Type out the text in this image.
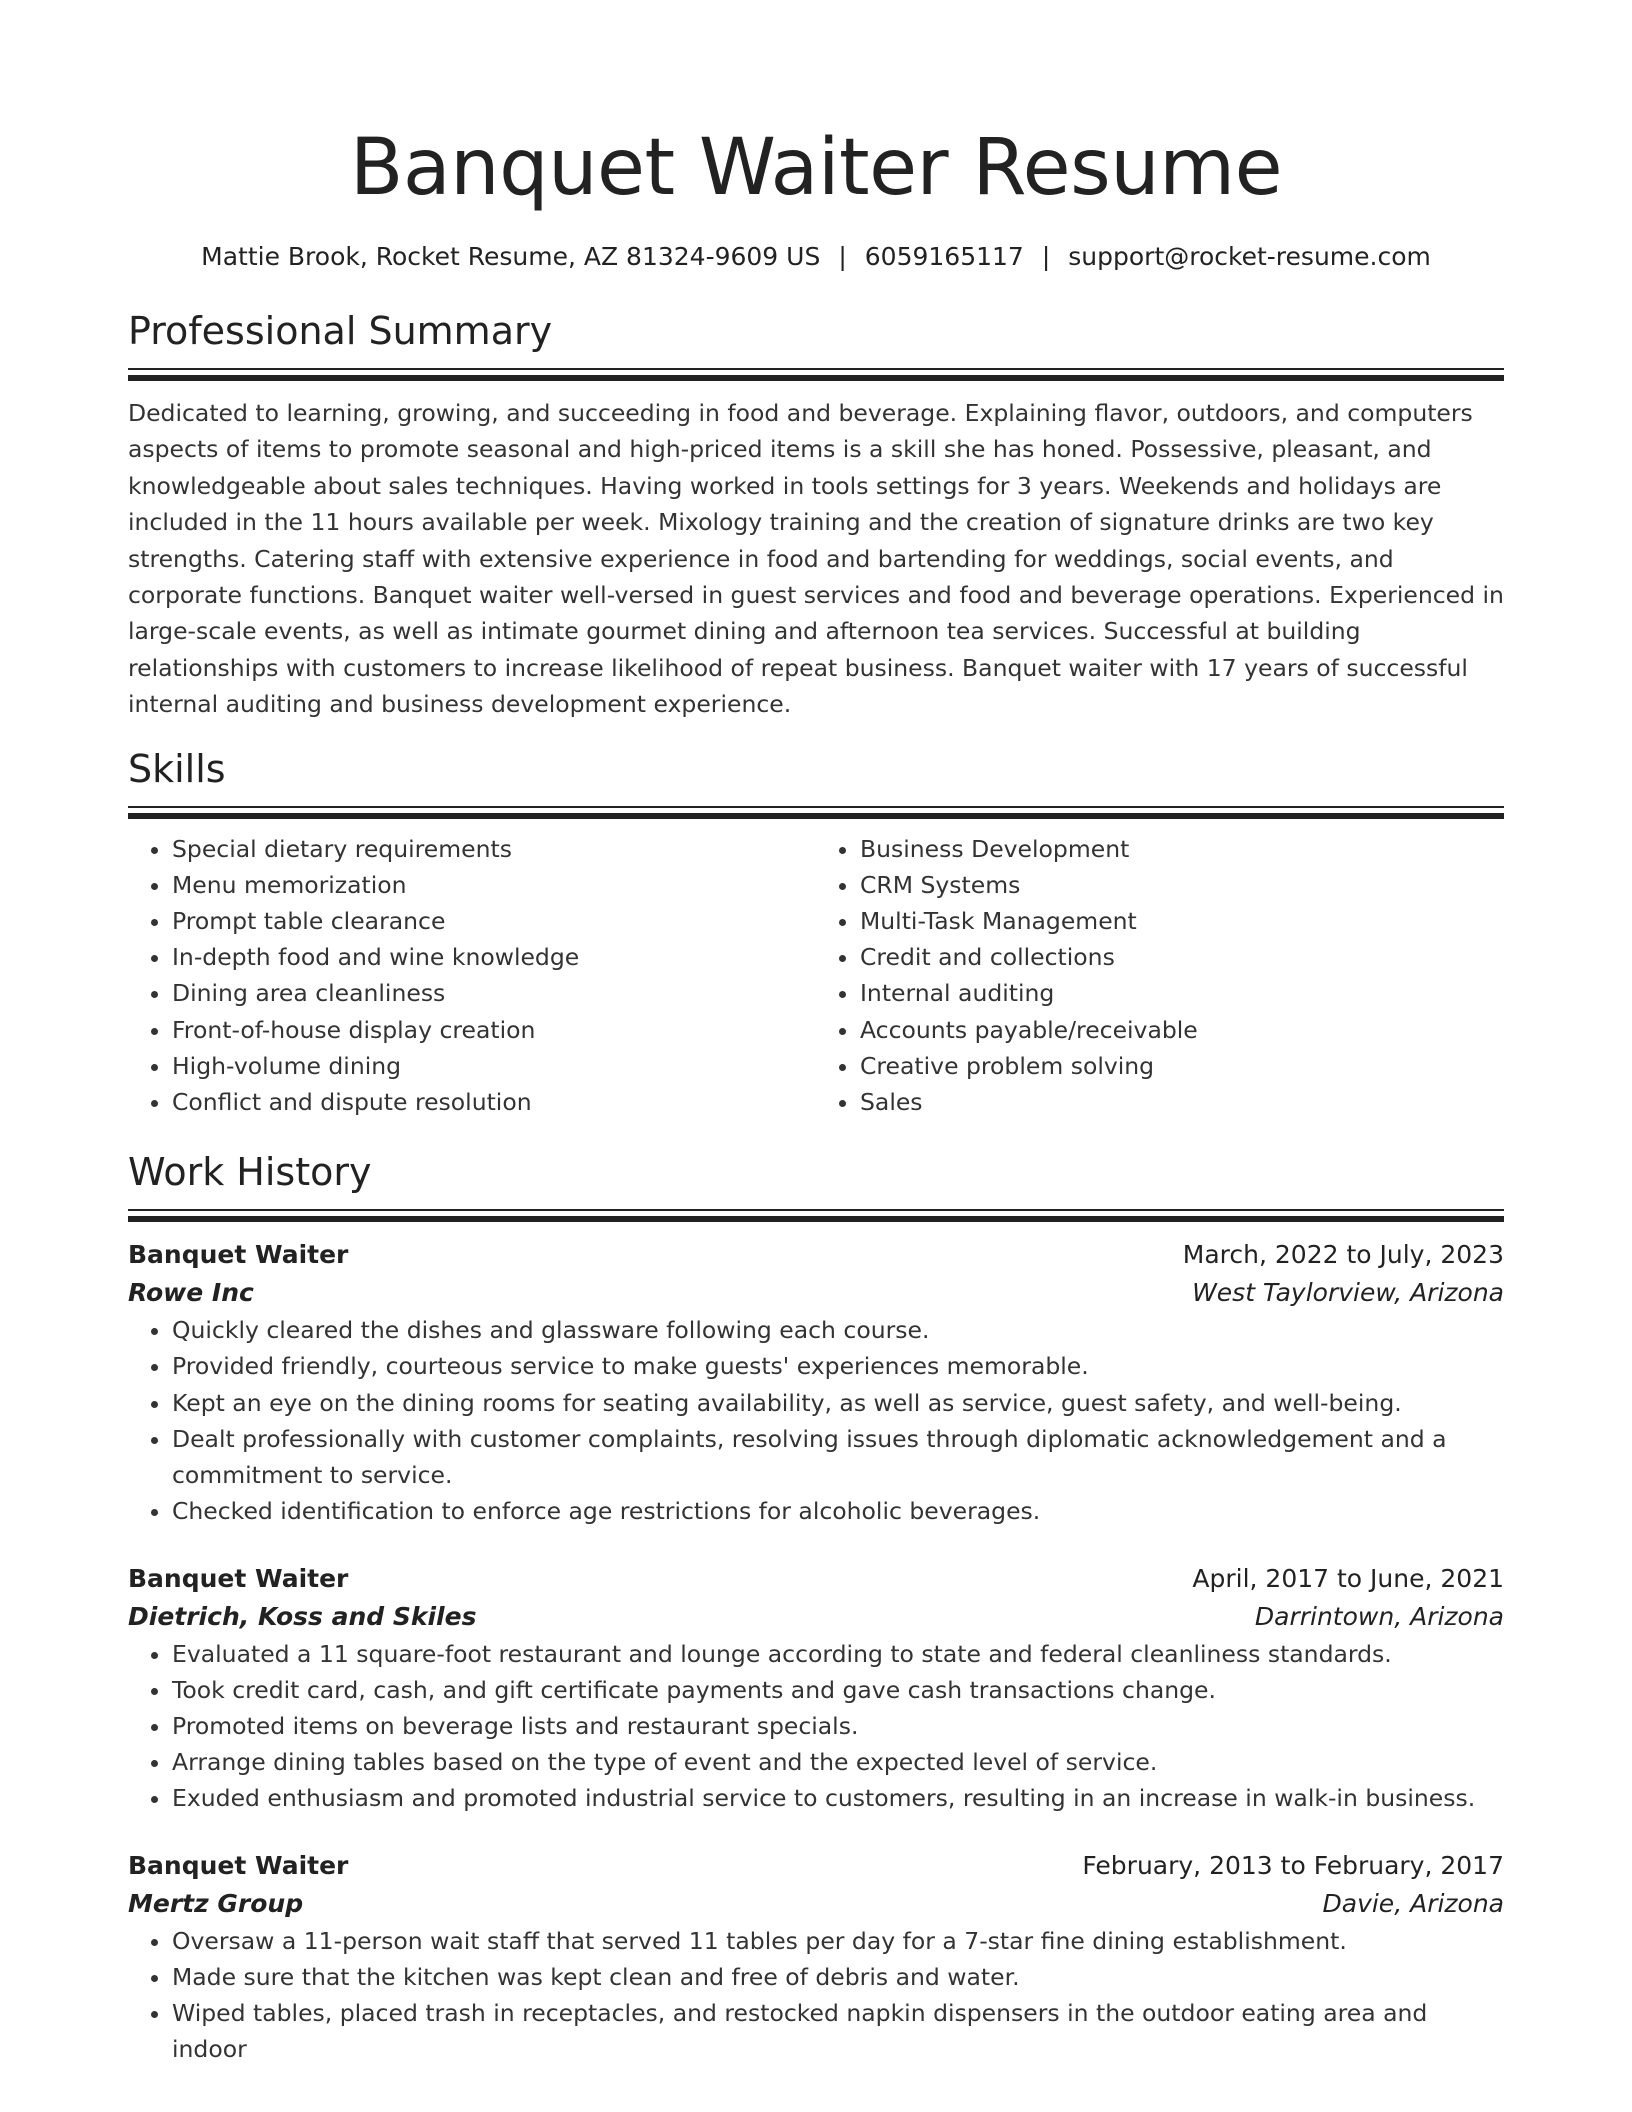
Banquet Waiter Resume
Mattie Brook, Rocket Resume, AZ 81324-9609 US | 6059165117 | support@rocket-resume.com
Professional Summary

Dedicated to learning, growing, and succeeding in food and beverage. Explaining flavor, outdoors, and computers aspects of items to promote seasonal and high-priced items is a skill she has honed. Possessive, pleasant, and knowledgeable about sales techniques. Having worked in tools settings for 3 years. Weekends and holidays are included in the 11 hours available per week. Mixology training and the creation of signature drinks are two key strengths. Catering staff with extensive experience in food and bartending for weddings, social events, and corporate functions. Banquet waiter well-versed in guest services and food and beverage operations. Experienced in large-scale events, as well as intimate gourmet dining and afternoon tea services. Successful at building relationships with customers to increase likelihood of repeat business. Banquet waiter with 17 years of successful internal auditing and business development experience.

Skills
• Special dietary requirements
• Menu memorization
• Prompt table clearance
• In-depth food and wine knowledge
• Dining area cleanliness
• Front-of-house display creation
• High-volume dining
• Conflict and dispute resolution
• Business Development
• CRM Systems
• Multi-Task Management
• Credit and collections
• Internal auditing
• Accounts payable/receivable
• Creative problem solving
• Sales
Work History
Banquet Waiter	March, 2022 to July, 2023
Rowe Inc	West Taylorview, Arizona
• Quickly cleared the dishes and glassware following each course.
• Provided friendly, courteous service to make guests' experiences memorable.
• Kept an eye on the dining rooms for seating availability, as well as service, guest safety, and well-being.
• Dealt professionally with customer complaints, resolving issues through diplomatic acknowledgement and a commitment to service.
• Checked identification to enforce age restrictions for alcoholic beverages.
Banquet Waiter	April, 2017 to June, 2021
Dietrich, Koss and Skiles	Darrintown, Arizona
• Evaluated a 11 square-foot restaurant and lounge according to state and federal cleanliness standards.
• Took credit card, cash, and gift certificate payments and gave cash transactions change.
• Promoted items on beverage lists and restaurant specials.
• Arrange dining tables based on the type of event and the expected level of service.
• Exuded enthusiasm and promoted industrial service to customers, resulting in an increase in walk-in business.
Banquet Waiter	February, 2013 to February, 2017
Mertz Group	Davie, Arizona
• Oversaw a 11-person wait staff that served 11 tables per day for a 7-star fine dining establishment.
• Made sure that the kitchen was kept clean and free of debris and water.
• Wiped tables, placed trash in receptacles, and restocked napkin dispensers in the outdoor eating area and indoor
